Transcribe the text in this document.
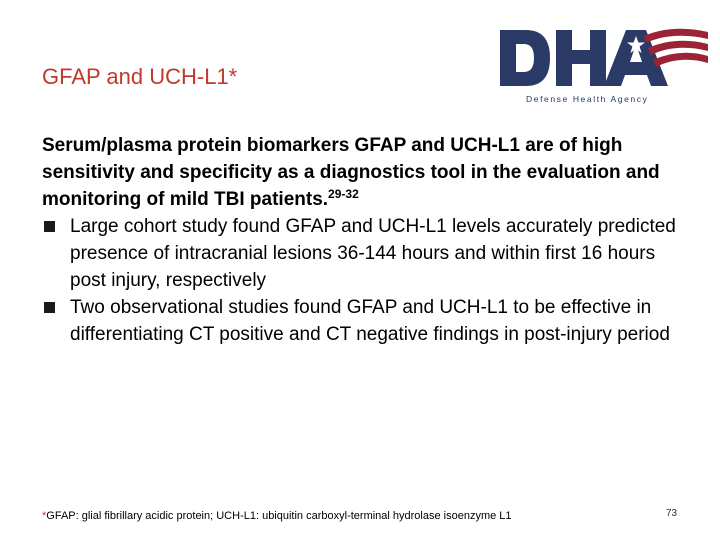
GFAP and UCH-L1*
Defense Health Agency
Serum/plasma protein biomarkers GFAP and UCH-L1 are of high sensitivity and specificity as a diagnostics tool in the evaluation and monitoring of mild TBI patients.$^{29-32}$
Large cohort study found GFAP and UCH-L1 levels accurately predicted presence of intracranial lesions 36-144 hours and within first 16 hours post injury, respectively
Two observational studies found GFAP and UCH-L1 to be effective in differentiating CT positive and CT negative findings in post-injury period
*GFAP: glial fibrillary acidic protein; UCH-L1: ubiquitin carboxyl-terminal hydrolase isoenzyme L1	73
